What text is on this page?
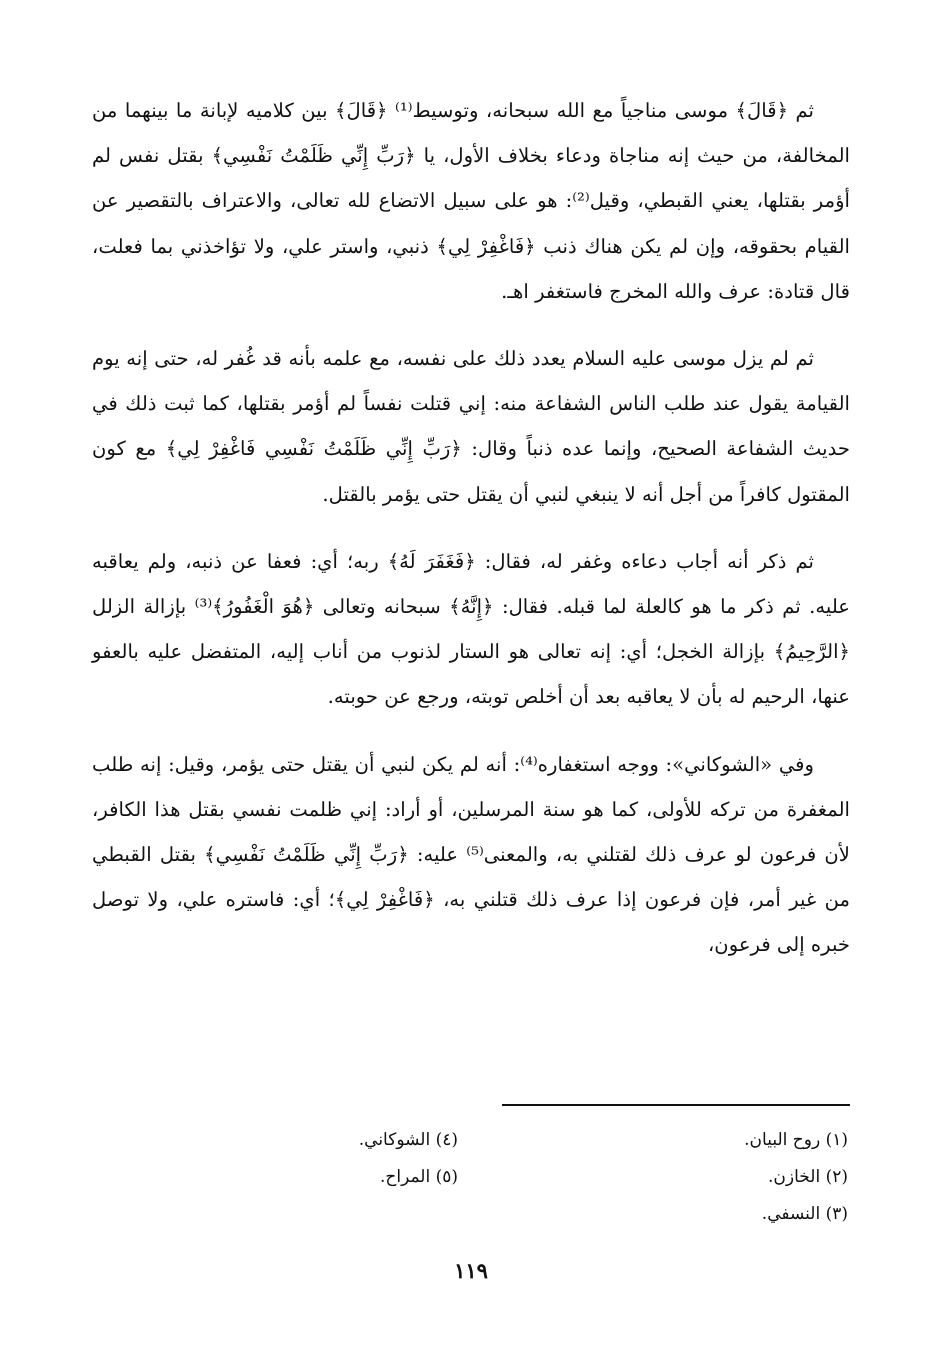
ثم ﴿قَالَ﴾ موسى مناجياً مع الله سبحانه، وتوسيط⁽¹⁾ ﴿قَالَ﴾ بين كلاميه لإبانة ما بينهما من المخالفة، من حيث إنه مناجاة ودعاء بخلاف الأول، يا ﴿رَبِّ إِنِّي ظَلَمْتُ نَفْسِي﴾ بقتل نفس لم أؤمر بقتلها، يعني القبطي، وقيل⁽²⁾: هو على سبيل الاتضاع لله تعالى، والاعتراف بالتقصير عن القيام بحقوقه، وإن لم يكن هناك ذنب ﴿فَاغْفِرْ لِي﴾ ذنبي، واستر علي، ولا تؤاخذني بما فعلت، قال قتادة: عرف والله المخرج فاستغفر اهـ.

ثم لم يزل موسى عليه السلام يعدد ذلك على نفسه، مع علمه بأنه قد غُفر له، حتى إنه يوم القيامة يقول عند طلب الناس الشفاعة منه: إني قتلت نفساً لم أؤمر بقتلها، كما ثبت ذلك في حديث الشفاعة الصحيح، وإنما عده ذنباً وقال: ﴿رَبِّ إِنِّي ظَلَمْتُ نَفْسِي فَاغْفِرْ لِي﴾ مع كون المقتول كافراً من أجل أنه لا ينبغي لنبي أن يقتل حتى يؤمر بالقتل.

ثم ذكر أنه أجاب دعاءه وغفر له، فقال: ﴿فَغَفَرَ لَهُ﴾ ربه؛ أي: فعفا عن ذنبه، ولم يعاقبه عليه. ثم ذكر ما هو كالعلة لما قبله. فقال: ﴿إِنَّهُ﴾ سبحانه وتعالى ﴿هُوَ الْغَفُورُ﴾⁽³⁾ بإزالة الزلل ﴿الرَّحِيمُ﴾ بإزالة الخجل؛ أي: إنه تعالى هو الستار لذنوب من أناب إليه، المتفضل عليه بالعفو عنها، الرحيم له بأن لا يعاقبه بعد أن أخلص توبته، ورجع عن حوبته.

وفي «الشوكاني»: ووجه استغفاره⁽⁴⁾: أنه لم يكن لنبي أن يقتل حتى يؤمر، وقيل: إنه طلب المغفرة من تركه للأولى، كما هو سنة المرسلين، أو أراد: إني ظلمت نفسي بقتل هذا الكافر، لأن فرعون لو عرف ذلك لقتلني به، والمعنى⁽⁵⁾ عليه: ﴿رَبِّ إِنِّي ظَلَمْتُ نَفْسِي﴾ بقتل القبطي من غير أمر، فإن فرعون إذا عرف ذلك قتلني به، ﴿فَاغْفِرْ لِي﴾؛ أي: فاستره علي، ولا توصل خبره إلى فرعون،

(١) روح البيان.
(٢) الخازن.
(٣) النسفي.
(٤) الشوكاني.
(٥) المراح.
١١٩
